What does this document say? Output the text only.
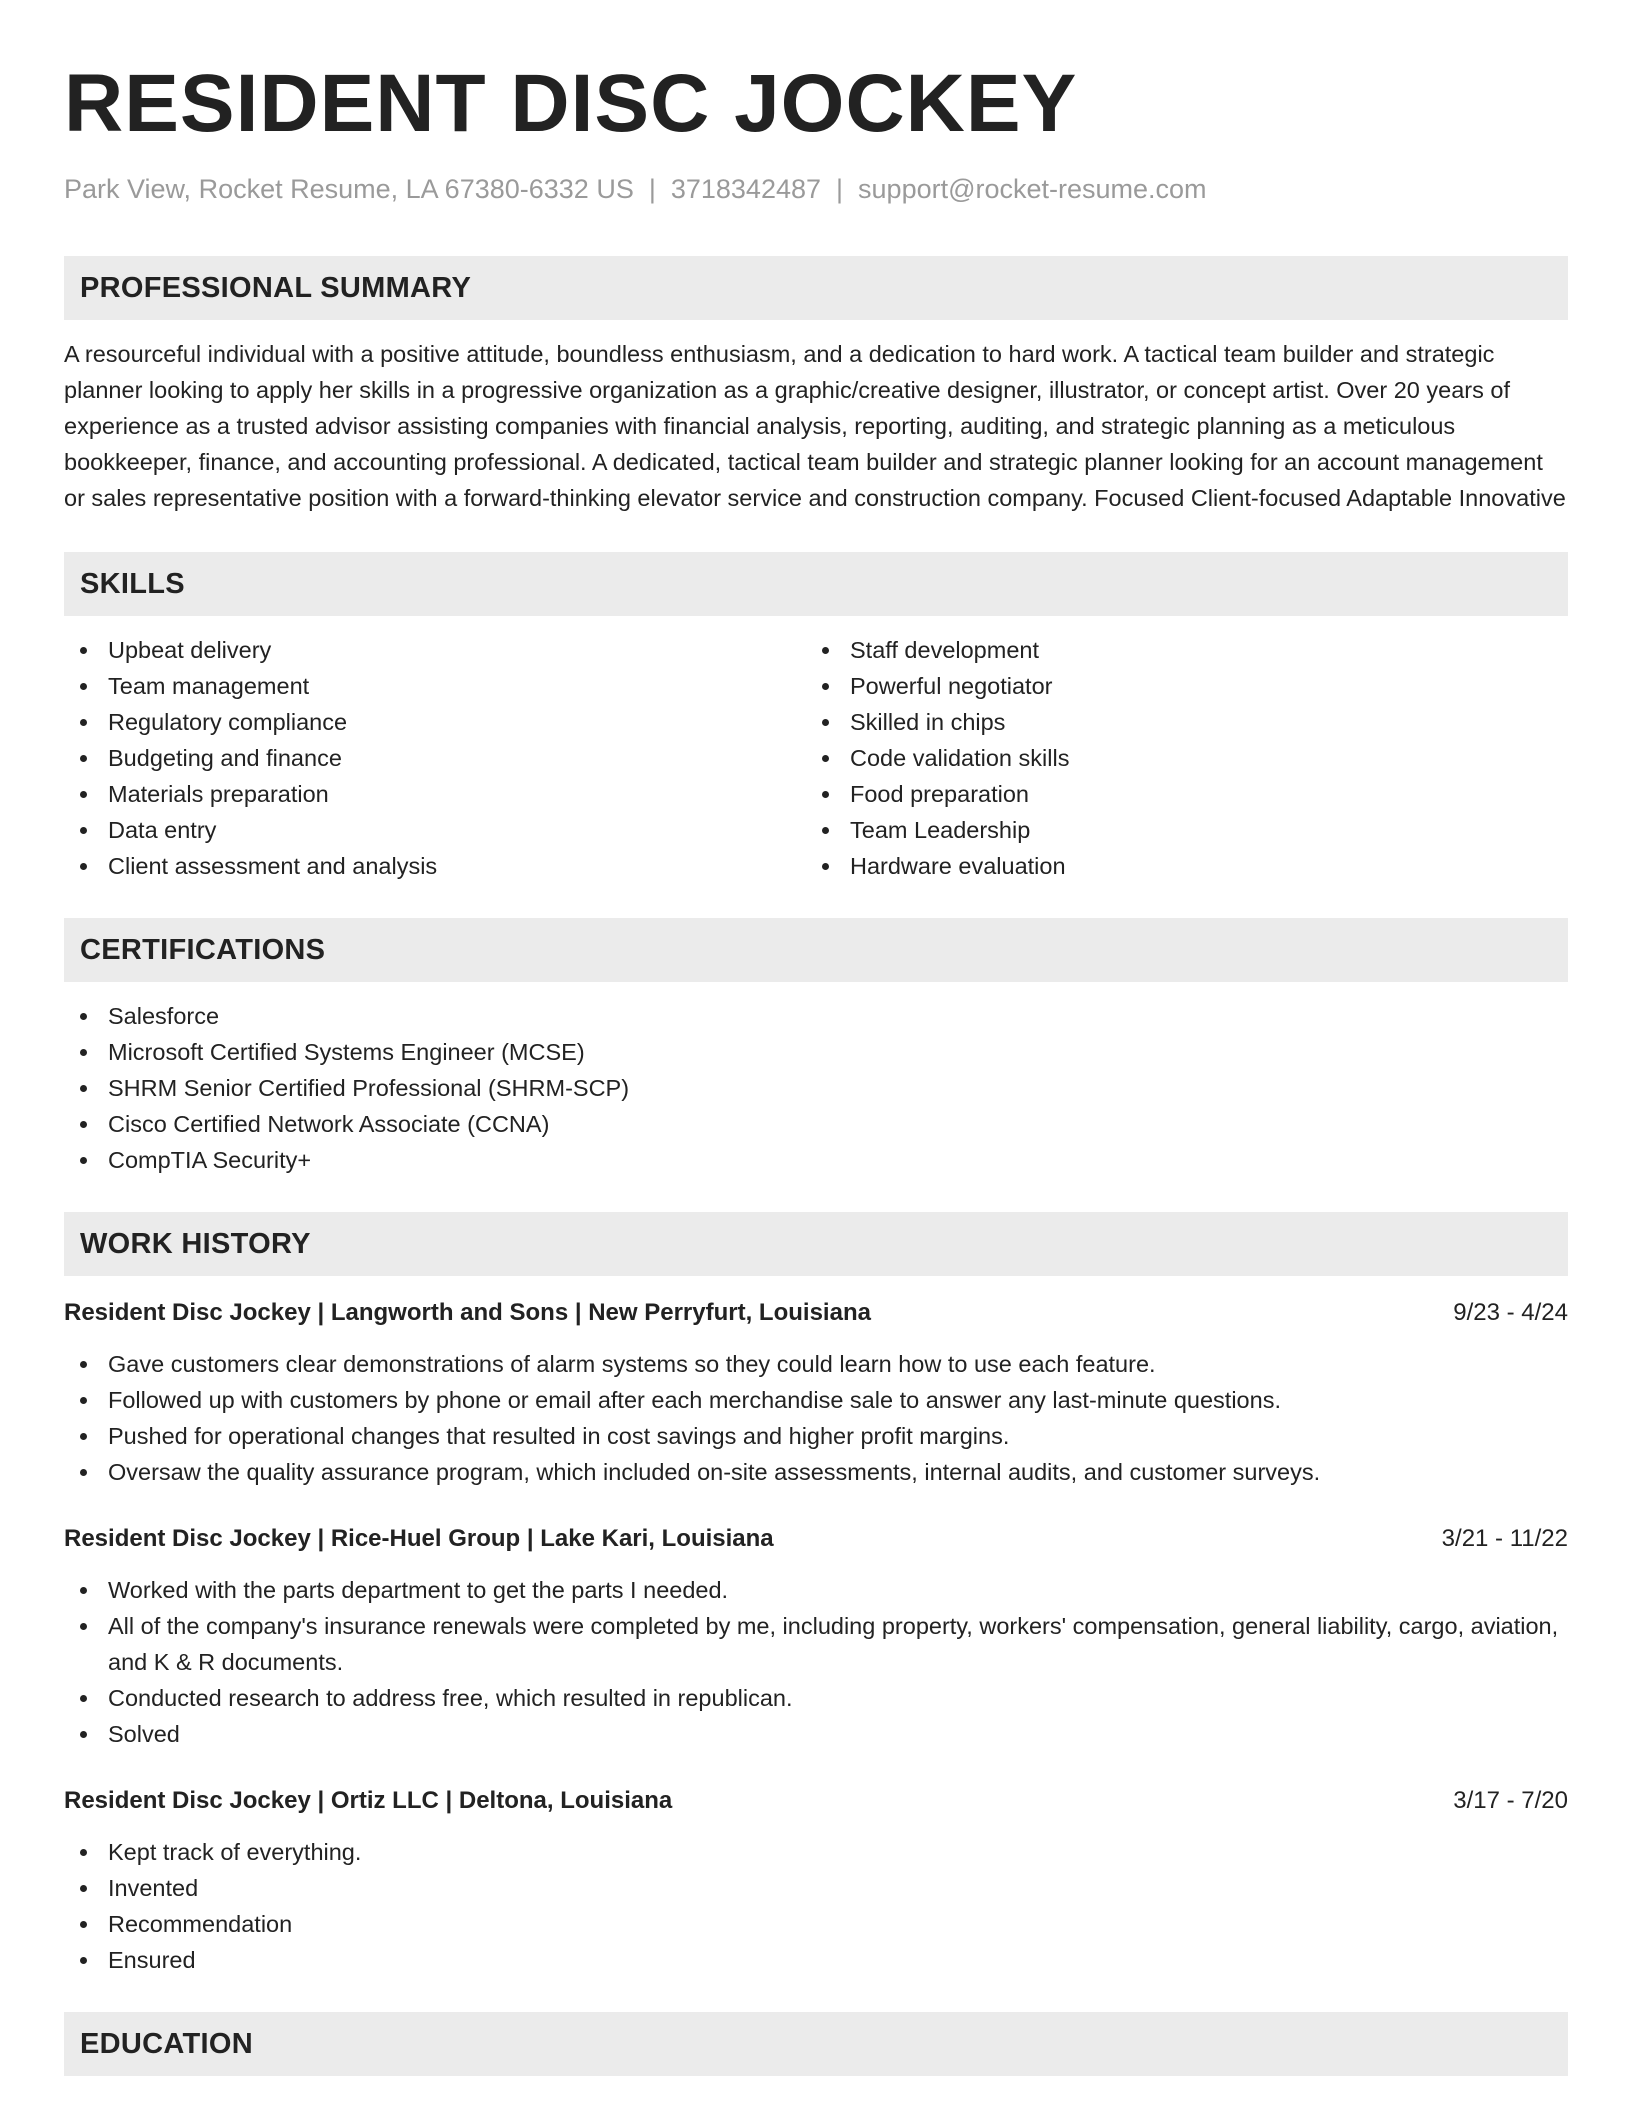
RESIDENT DISC JOCKEY
Park View, Rocket Resume, LA 67380-6332 US | 3718342487 | support@rocket-resume.com
PROFESSIONAL SUMMARY

A resourceful individual with a positive attitude, boundless enthusiasm, and a dedication to hard work. A tactical team builder and strategic planner looking to apply her skills in a progressive organization as a graphic/creative designer, illustrator, or concept artist. Over 20 years of experience as a trusted advisor assisting companies with financial analysis, reporting, auditing, and strategic planning as a meticulous bookkeeper, finance, and accounting professional. A dedicated, tactical team builder and strategic planner looking for an account management or sales representative position with a forward-thinking elevator service and construction company. Focused Client-focused Adaptable Innovative

SKILLS
Upbeat delivery
Team management
Regulatory compliance
Budgeting and finance
Materials preparation
Data entry
Client assessment and analysis
Staff development
Powerful negotiator
Skilled in chips
Code validation skills
Food preparation
Team Leadership
Hardware evaluation
CERTIFICATIONS
Salesforce
Microsoft Certified Systems Engineer (MCSE)
SHRM Senior Certified Professional (SHRM-SCP)
Cisco Certified Network Associate (CCNA)
CompTIA Security+
WORK HISTORY
Resident Disc Jockey | Langworth and Sons | New Perryfurt, Louisiana	9/23 - 4/24
Gave customers clear demonstrations of alarm systems so they could learn how to use each feature.
Followed up with customers by phone or email after each merchandise sale to answer any last-minute questions.
Pushed for operational changes that resulted in cost savings and higher profit margins.
Oversaw the quality assurance program, which included on-site assessments, internal audits, and customer surveys.
Resident Disc Jockey | Rice-Huel Group | Lake Kari, Louisiana	3/21 - 11/22
Worked with the parts department to get the parts I needed.
All of the company's insurance renewals were completed by me, including property, workers' compensation, general liability, cargo, aviation, and K & R documents.
Conducted research to address free, which resulted in republican.
Solved
Resident Disc Jockey | Ortiz LLC | Deltona, Louisiana	3/17 - 7/20
Kept track of everything.
Invented
Recommendation
Ensured
EDUCATION
